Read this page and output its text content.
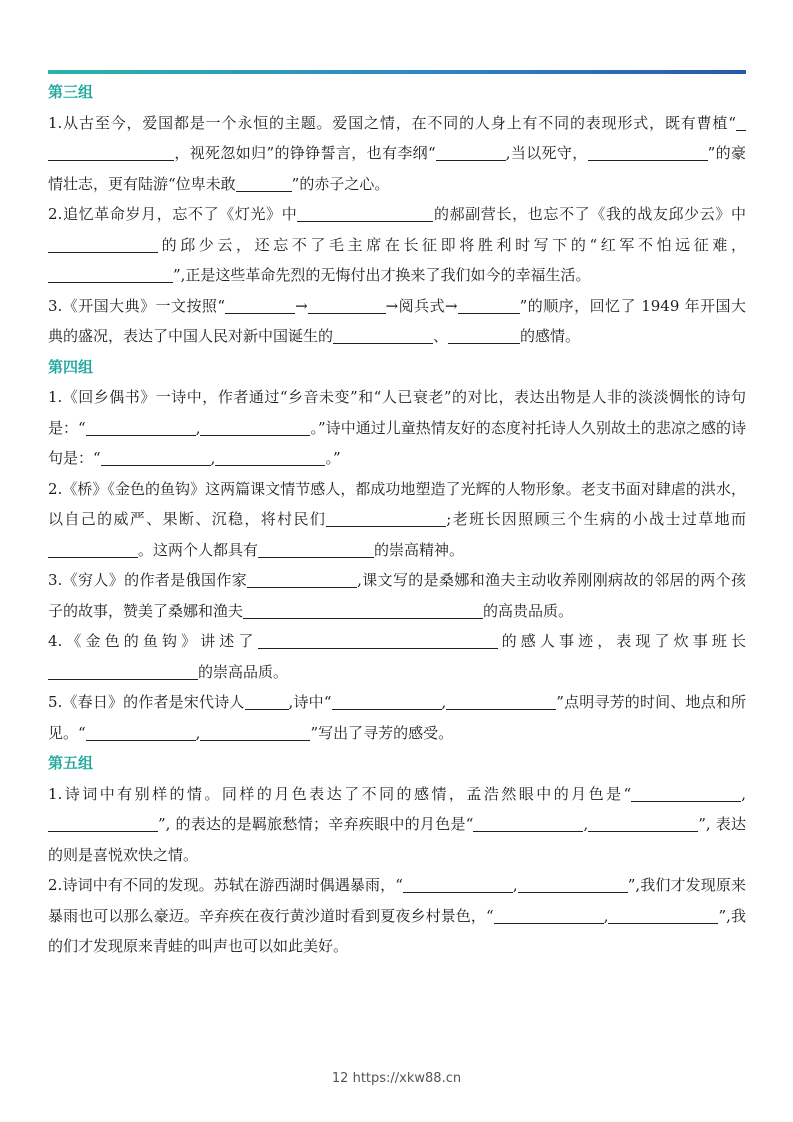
第三组
1.从古至今，爱国都是一个永恒的主题。爱国之情，在不同的人身上有不同的表现形式，既有曹植“，视死忽如归”的铮铮誓言，也有李纲“	,当以死守，	”的豪情壮志，更有陆游“位卑未敢	”的赤子之心。
2.追忆革命岁月，忘不了《灯光》中	的郝副营长，也忘不了《我的战友邱少云》中的邱少云，还忘不了毛主席在长征即将胜利时写下的“红军不怕远征难，”,正是这些革命先烈的无悔付出才换来了我们如今的幸福生活。
3.《开国大典》一文按照“	→	→阅兵式→	”的顺序，回忆了 1949 年开国大典的盛况，表达了中国人民对新中国诞生的	、	的感情。
第四组
1.《回乡偶书》一诗中，作者通过“乡音未变”和“人已衰老”的对比，表达出物是人非的淡淡惆怅的诗句是：“	,	。”诗中通过儿童热情友好的态度衬托诗人久别故土的悲凉之感的诗句是：“	,	。”
2.《桥》《金色的鱼钩》这两篇课文情节感人，都成功地塑造了光辉的人物形象。老支书面对肆虐的洪水，以自己的威严、果断、沉稳，将村民们	;老班长因照顾三个生病的小战士过草地而。这两个人都具有	的崇高精神。
3.《穷人》的作者是俄国作家	,课文写的是桑娜和渔夫主动收养刚刚病故的邻居的两个孩子的故事，赞美了桑娜和渔夫	的高贵品质。
4.《金色的鱼钩》讲述了	的感人事迹，表现了炊事班长的崇高品质。
5.《春日》的作者是宋代诗人	,诗中“	,	”点明寻芳的时间、地点和所见。“	,	”写出了寻芳的感受。
第五组
1.诗词中有别样的情。同样的月色表达了不同的感情，孟浩然眼中的月色是“	,”, 的表达的是羁旅愁情；辛弃疾眼中的月色是“	,	”, 表达的则是喜悦欢快之情。
2.诗词中有不同的发现。苏轼在游西湖时偶遇暴雨，“	,	”,我们才发现原来暴雨也可以那么豪迈。辛弃疾在夜行黄沙道时看到夏夜乡村景色，“	,	”,我的们才发现原来青蛙的叫声也可以如此美好。
12 https://xkw88.cn
